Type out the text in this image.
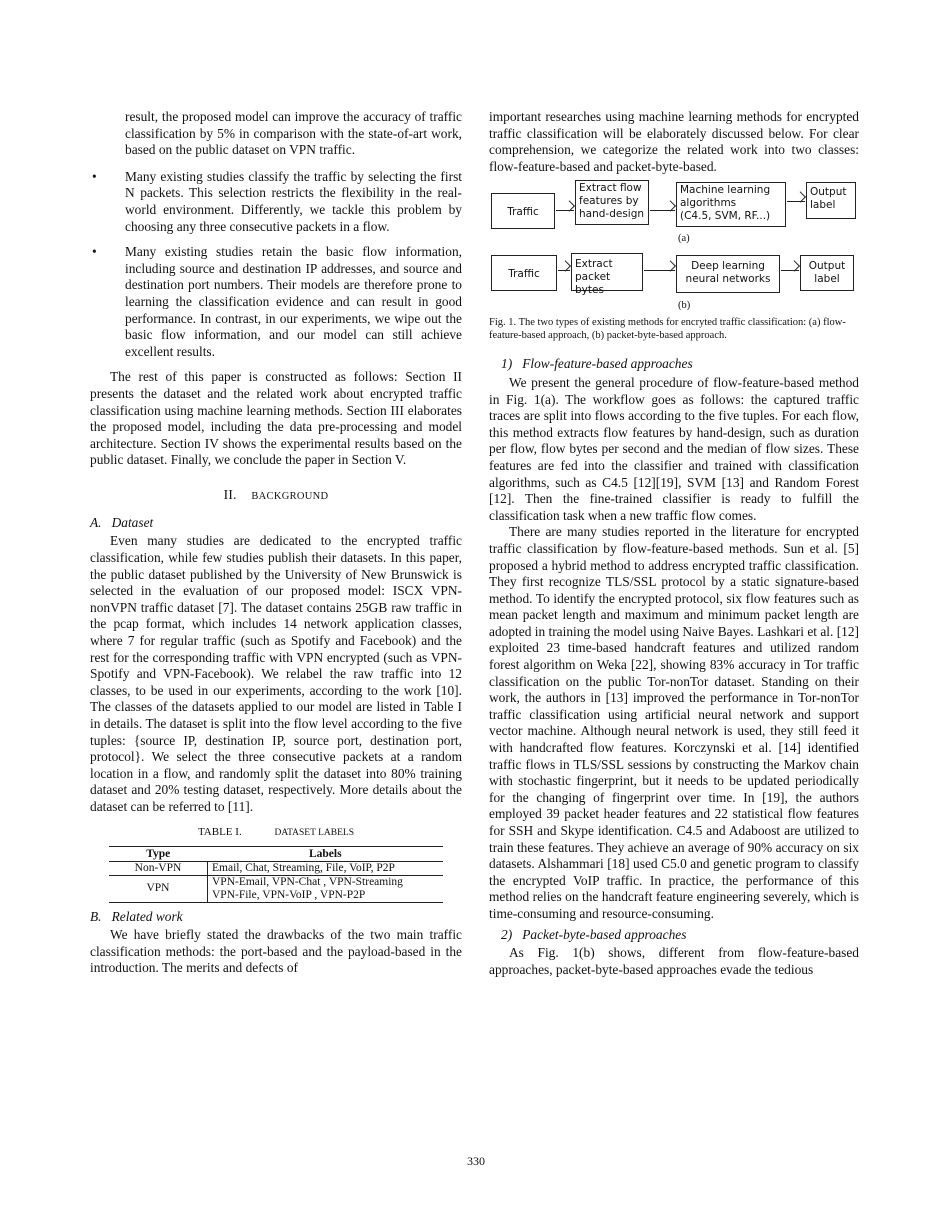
result, the proposed model can improve the accuracy of traffic classification by 5% in comparison with the state-of-art work, based on the public dataset on VPN traffic.

• Many existing studies classify the traffic by selecting the first N packets. This selection restricts the flexibility in the real-world environment. Differently, we tackle this problem by choosing any three consecutive packets in a flow.

• Many existing studies retain the basic flow information, including source and destination IP addresses, and source and destination port numbers. Their models are therefore prone to learning the classification evidence and can result in good performance. In contrast, in our experiments, we wipe out the basic flow information, and our model can still achieve excellent results.

The rest of this paper is constructed as follows: Section II presents the dataset and the related work about encrypted traffic classification using machine learning methods. Section III elaborates the proposed model, including the data pre-processing and model architecture. Section IV shows the experimental results based on the public dataset. Finally, we conclude the paper in Section V.

II. BACKGROUND
A. Dataset

Even many studies are dedicated to the encrypted traffic classification, while few studies publish their datasets. In this paper, the public dataset published by the University of New Brunswick is selected in the evaluation of our proposed model: ISCX VPN-nonVPN traffic dataset [7]. The dataset contains 25GB raw traffic in the pcap format, which includes 14 network application classes, where 7 for regular traffic (such as Spotify and Facebook) and the rest for the corresponding traffic with VPN encrypted (such as VPN-Spotify and VPN-Facebook). We relabel the raw traffic into 12 classes, to be used in our experiments, according to the work [10]. The classes of the datasets applied to our model are listed in Table I in details. The dataset is split into the flow level according to the five tuples: {source IP, destination IP, source port, destination port, protocol}. We select the three consecutive packets at a random location in a flow, and randomly split the dataset into 80% training dataset and 20% testing dataset, respectively. More details about the dataset can be referred to [11].

TABLE I.	DATASET LABELS
Type	Labels
Non-VPN	Email, Chat, Streaming, File, VoIP, P2P
VPN	VPN-Email, VPN-Chat , VPN-Streaming
VPN-File, VPN-VoIP , VPN-P2P
B. Related work

We have briefly stated the drawbacks of the two main traffic classification methods: the port-based and the payload-based in the introduction. The merits and defects of

important researches using machine learning methods for encrypted traffic classification will be elaborately discussed below. For clear comprehension, we categorize the related work into two classes: flow-feature-based and packet-byte-based.

Traffic
Extract flow
features by
hand-design
Machine learning
algorithms
(C4.5, SVM, RF...)
Output
label
(a)
Traffic
Extract
packet bytes
Deep learning
neural networks
Output
label
(b)

Fig. 1. The two types of existing methods for encryted traffic classification: (a) flow-feature-based approach, (b) packet-byte-based approach.

1) Flow-feature-based approaches

We present the general procedure of flow-feature-based method in Fig. 1(a). The workflow goes as follows: the captured traffic traces are split into flows according to the five tuples. For each flow, this method extracts flow features by hand-design, such as duration per flow, flow bytes per second and the median of flow sizes. These features are fed into the classifier and trained with classification algorithms, such as C4.5 [12][19], SVM [13] and Random Forest [12]. Then the fine-trained classifier is ready to fulfill the classification task when a new traffic flow comes.

There are many studies reported in the literature for encrypted traffic classification by flow-feature-based methods. Sun et al. [5] proposed a hybrid method to address encrypted traffic classification. They first recognize TLS/SSL protocol by a static signature-based method. To identify the encrypted protocol, six flow features such as mean packet length and maximum and minimum packet length are adopted in training the model using Naive Bayes. Lashkari et al. [12] exploited 23 time-based handcraft features and utilized random forest algorithm on Weka [22], showing 83% accuracy in Tor traffic classification on the public Tor-nonTor dataset. Standing on their work, the authors in [13] improved the performance in Tor-nonTor traffic classification using artificial neural network and support vector machine. Although neural network is used, they still feed it with handcrafted flow features. Korczynski et al. [14] identified traffic flows in TLS/SSL sessions by constructing the Markov chain with stochastic fingerprint, but it needs to be updated periodically for the changing of fingerprint over time. In [19], the authors employed 39 packet header features and 22 statistical flow features for SSH and Skype identification. C4.5 and Adaboost are utilized to train these features. They achieve an average of 90% accuracy on six datasets. Alshammari [18] used C5.0 and genetic program to classify the encrypted VoIP traffic. In practice, the performance of this method relies on the handcraft feature engineering severely, which is time-consuming and resource-consuming.

2) Packet-byte-based approaches

As Fig. 1(b) shows, different from flow-feature-based approaches, packet-byte-based approaches evade the tedious

330
